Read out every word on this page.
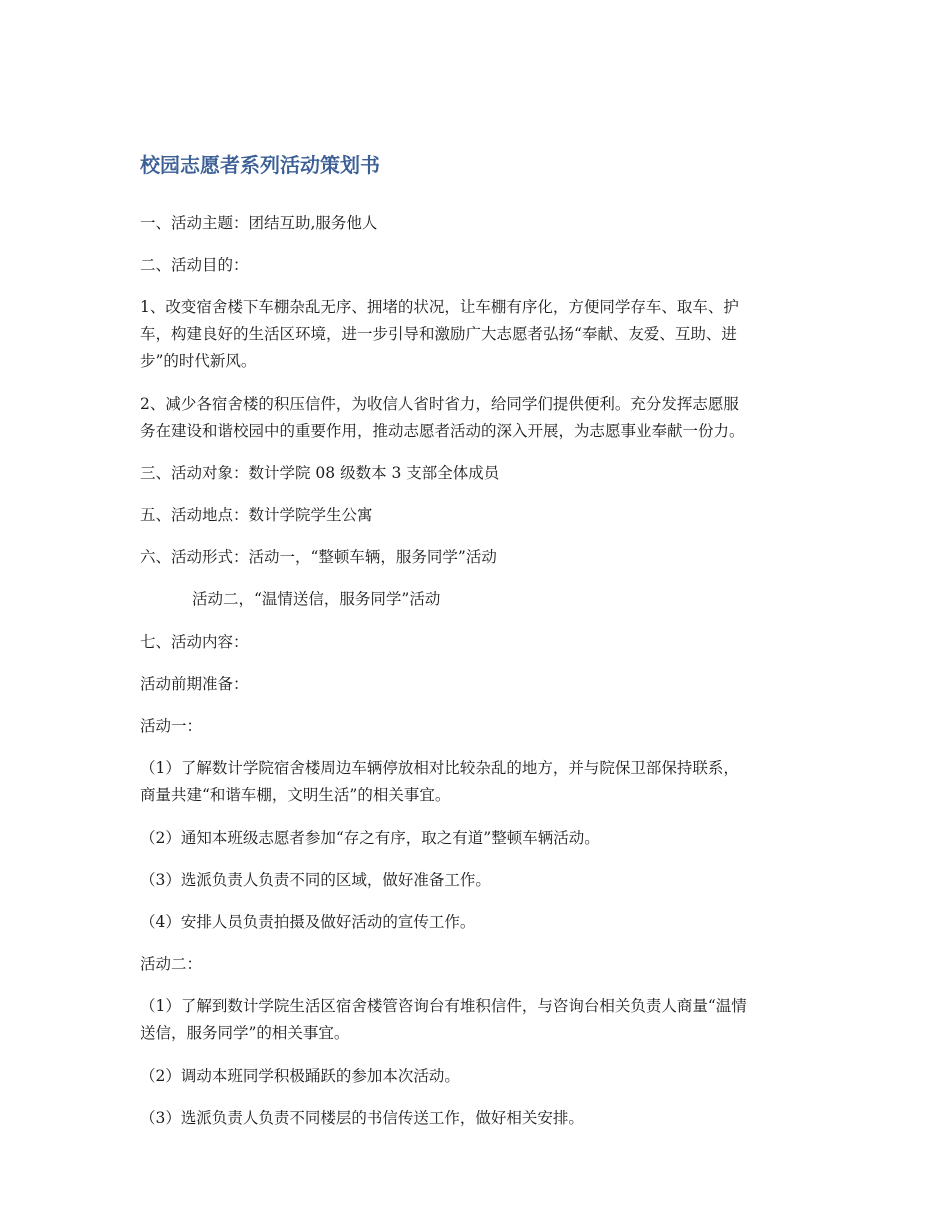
校园志愿者系列活动策划书

一、活动主题：团结互助,服务他人

二、活动目的：

1、改变宿舍楼下车棚杂乱无序、拥堵的状况，让车棚有序化，方便同学存车、取车、护
车，构建良好的生活区环境，进一步引导和激励广大志愿者弘扬“奉献、友爱、互助、进
步”的时代新风。

2、减少各宿舍楼的积压信件，为收信人省时省力，给同学们提供便利。充分发挥志愿服
务在建设和谐校园中的重要作用，推动志愿者活动的深入开展，为志愿事业奉献一份力。

三、活动对象：数计学院 08 级数本 3 支部全体成员

五、活动地点：数计学院学生公寓

六、活动形式：活动一，“整顿车辆，服务同学”活动

活动二，“温情送信，服务同学”活动

七、活动内容：

活动前期准备：

活动一：

（1）了解数计学院宿舍楼周边车辆停放相对比较杂乱的地方，并与院保卫部保持联系，
商量共建“和谐车棚，文明生活”的相关事宜。

（2）通知本班级志愿者参加“存之有序，取之有道”整顿车辆活动。

（3）选派负责人负责不同的区域，做好准备工作。

（4）安排人员负责拍摄及做好活动的宣传工作。

活动二：

（1）了解到数计学院生活区宿舍楼管咨询台有堆积信件，与咨询台相关负责人商量“温情
送信，服务同学”的相关事宜。

（2）调动本班同学积极踊跃的参加本次活动。

（3）选派负责人负责不同楼层的书信传送工作，做好相关安排。
